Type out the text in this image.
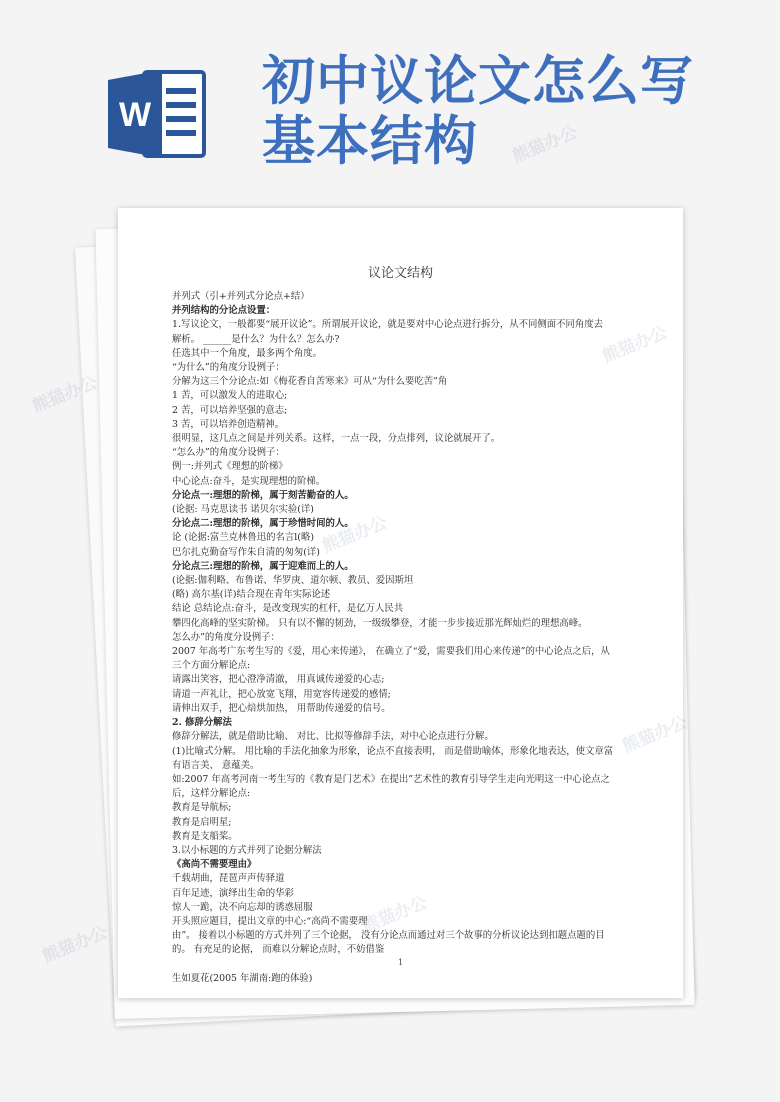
W
初中议论文怎么写
基本结构
议论文结构
并列式（引+并列式分论点+结）
并列结构的分论点设置：
1.写议论文，一般都要“展开议论”。所谓展开议论，就是要对中心论点进行拆分，从不同侧面不同角度去
解析。 ______是什么？为什么？怎么办?
任选其中一个角度，最多两个角度。
“为什么”的角度分设例子：
分解为这三个分论点:如《梅花香自苦寒来》可从“为什么要吃苦”角
1 苦，可以激发人的进取心;
2 苦，可以培养坚强的意志;
3 苦，可以培养创造精神。
很明显，这几点之间是并列关系。这样，一点一段，分点排列，议论就展开了。
“怎么办”的角度分设例子：
例一:并列式《理想的阶梯》
中心论点:奋斗，是实现理想的阶梯。
分论点一:理想的阶梯，属于刻苦勤奋的人。
(论据: 马克思读书 诺贝尔实验(详)
分论点二:理想的阶梯，属于珍惜时间的人。
论 (论据:富兰克林鲁迅的名言l(略)
巴尔扎克勤奋写作朱自清的匆匆(详)
分论点三:理想的阶梯，属于迎难而上的人。
(论据:伽利略、布鲁诺、华罗庚、道尔顿、教员、爱因斯坦
(略) 高尔基(详)结合现在青年实际论述
结论 总结论点:奋斗，是改变现实的杠杆，是亿万人民共
攀四化高峰的坚实阶梯。 只有以不懈的韧劲，一级级攀登，才能一步步接近那光辉灿烂的理想高峰。
怎么办”的角度分设例子：
2007 年高考广东考生写的《爱，用心来传递》， 在确立了“爱，需要我们用心来传递”的中心论点之后，从
三个方面分解论点:
请露出笑容，把心澄净清澈， 用真诚传递爱的心志;
请道一声礼让，把心放宽飞翔，用宽容传递爱的感情;
请伸出双手，把心焙烘加热， 用帮助传递爱的信号。
2. 修辞分解法
修辞分解法，就是借助比喻、 对比、比拟等修辞手法，对中心论点进行分解。
(1)比喻式分解。 用比喻的手法化抽象为形象，论点不直接表明， 而是借助喻体，形象化地表达，使文章富
有语言美、 意蕴美。
如:2007 年高考河南一考生写的《教育是门艺术》在提出”艺术性的教育引导学生走向光明这一中心论点之
后，这样分解论点:
教育是导航标;
教育是启明星;
教育是支船桨。
3.以小标题的方式并列了论据分解法
《高尚不需要理由》
千载胡曲，琵琶声声传驿道
百年足迹，演绎出生命的华彩
惊人一跪，决不向忘却的诱惑屈服
开头照应题目，提出文章的中心:“高尚不需要理
由”。 接着以小标题的方式并列了三个论据， 没有分论点而通过对三个故事的分析议论达到扣题点题的目
的。 有充足的论据， 而难以分解论点时，不妨借鉴
生如夏花(2005 年湖南:跑的体验)
1
熊猫办公
熊猫办公
熊猫办公
